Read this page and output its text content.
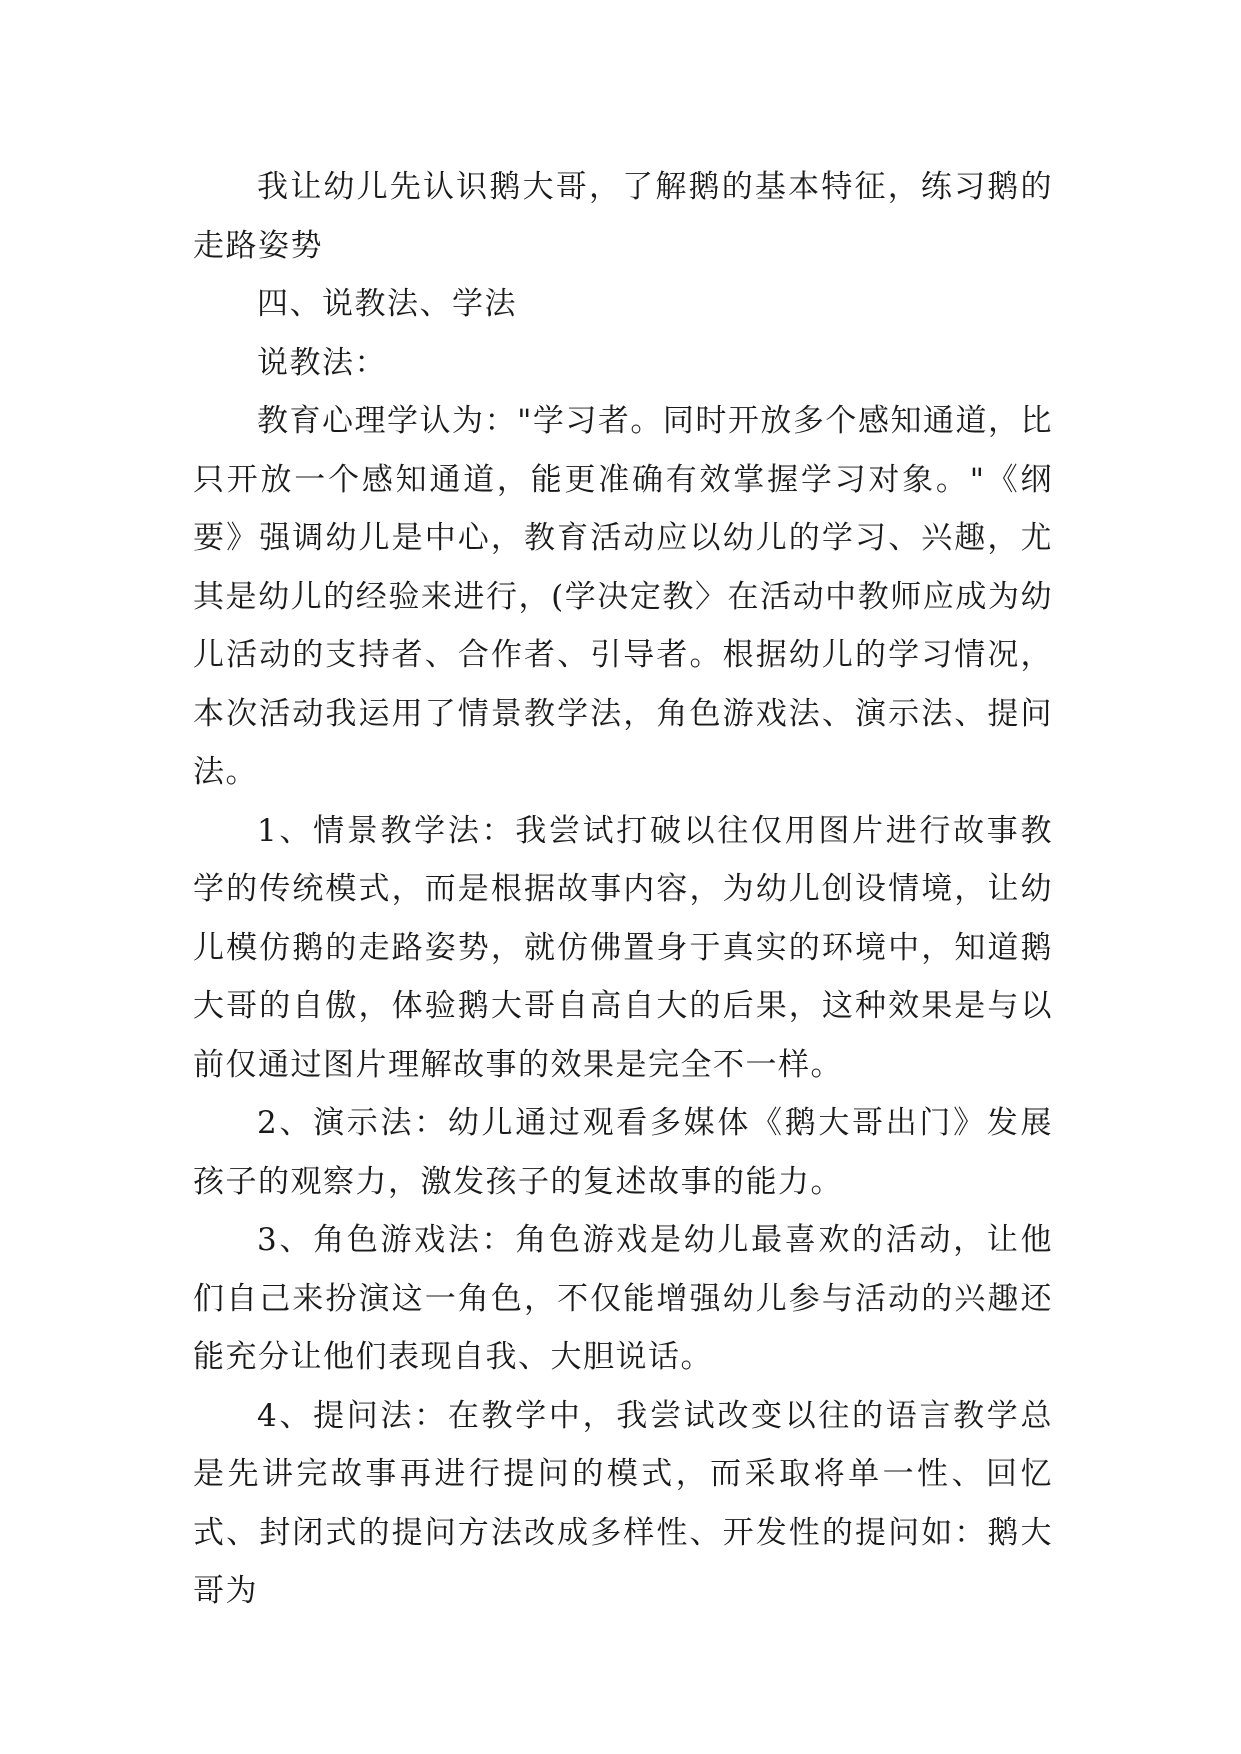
我让幼儿先认识鹅大哥，了解鹅的基本特征，练习鹅的走路姿势

四、说教法、学法

说教法：

教育心理学认为："学习者。同时开放多个感知通道，比只开放一个感知通道，能更准确有效掌握学习对象。"《纲要》强调幼儿是中心，教育活动应以幼儿的学习、兴趣，尤其是幼儿的经验来进行，(学决定教〉在活动中教师应成为幼儿活动的支持者、合作者、引导者。根据幼儿的学习情况，本次活动我运用了情景教学法，角色游戏法、演示法、提问法。

1、情景教学法：我尝试打破以往仅用图片进行故事教学的传统模式，而是根据故事内容，为幼儿创设情境，让幼儿模仿鹅的走路姿势，就仿佛置身于真实的环境中，知道鹅大哥的自傲，体验鹅大哥自高自大的后果，这种效果是与以前仅通过图片理解故事的效果是完全不一样。

2、演示法：幼儿通过观看多媒体《鹅大哥出门》发展孩子的观察力，激发孩子的复述故事的能力。

3、角色游戏法：角色游戏是幼儿最喜欢的活动，让他们自己来扮演这一角色，不仅能增强幼儿参与活动的兴趣还能充分让他们表现自我、大胆说话。

4、提问法：在教学中，我尝试改变以往的语言教学总是先讲完故事再进行提问的模式，而采取将单一性、回忆式、封闭式的提问方法改成多样性、开发性的提问如：鹅大哥为
